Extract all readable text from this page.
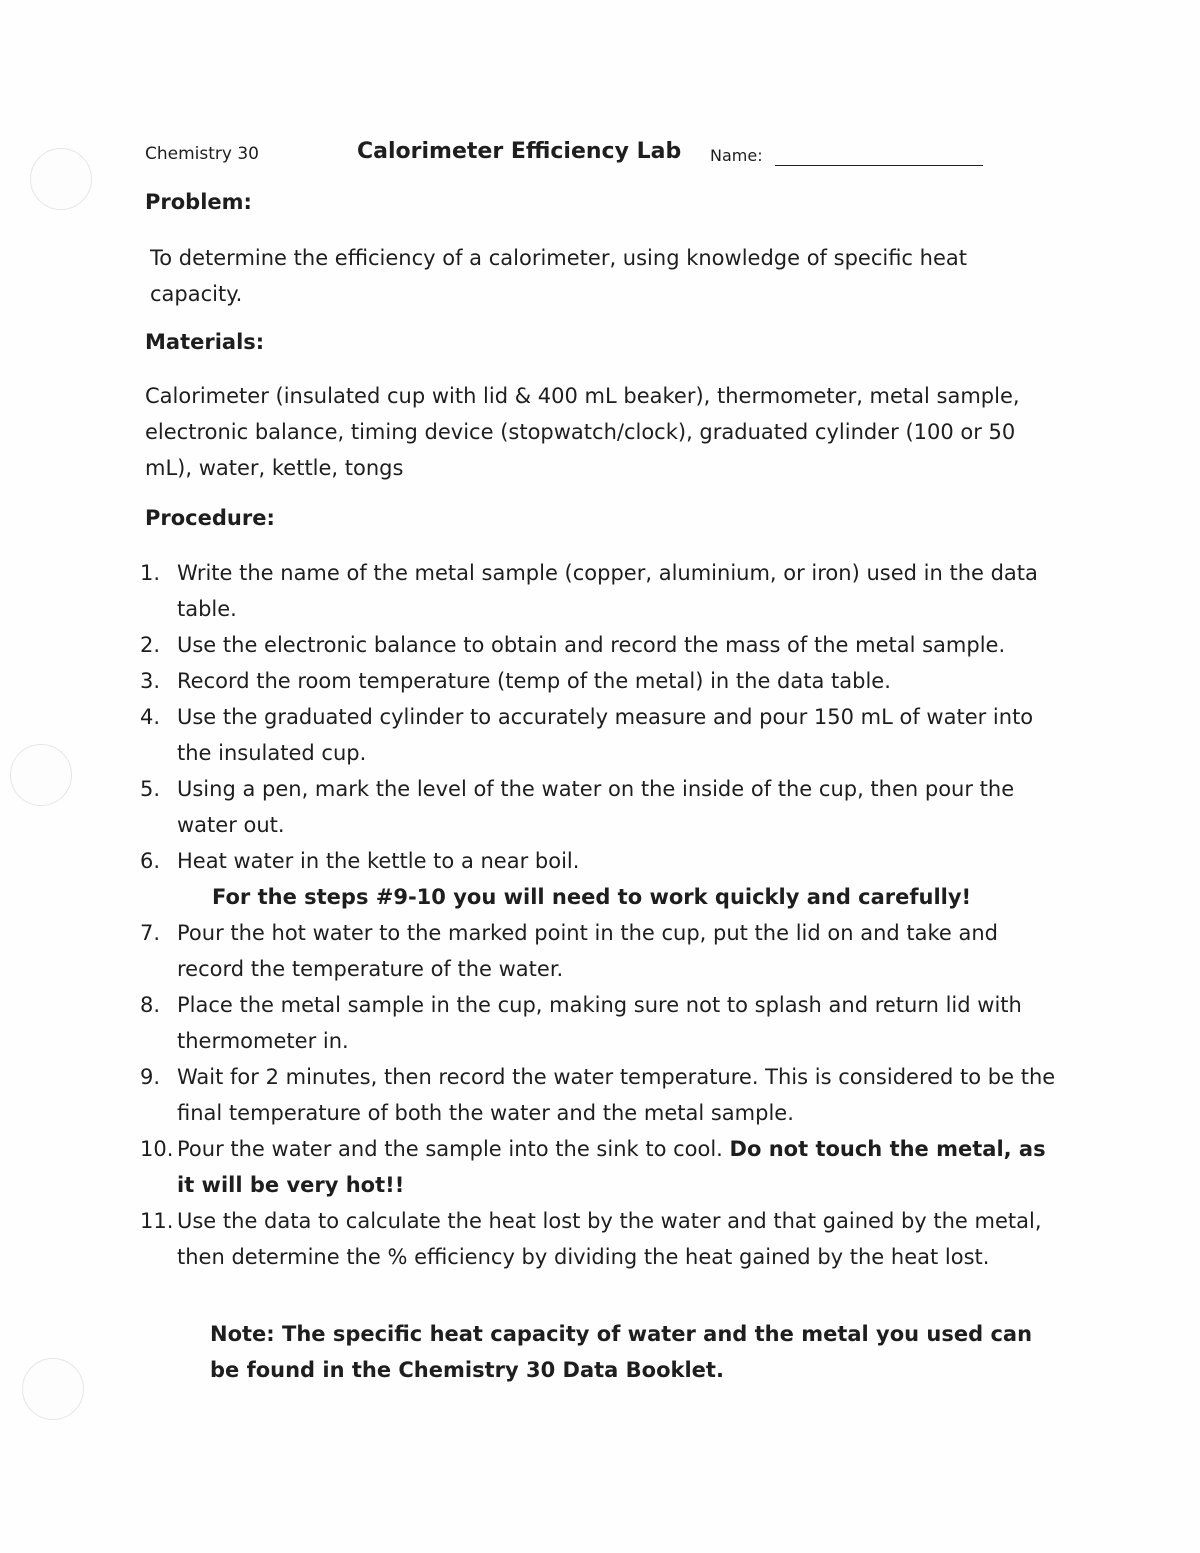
Chemistry 30	Calorimeter Efficiency Lab Name:
Problem:
To determine the efficiency of a calorimeter, using knowledge of specific heat capacity.
Materials:
Calorimeter (insulated cup with lid & 400 mL beaker), thermometer, metal sample, electronic balance, timing device (stopwatch/clock), graduated cylinder (100 or 50 mL), water, kettle, tongs
Procedure:
1. Write the name of the metal sample (copper, aluminium, or iron) used in the data table.
2. Use the electronic balance to obtain and record the mass of the metal sample.
3. Record the room temperature (temp of the metal) in the data table.
4. Use the graduated cylinder to accurately measure and pour 150 mL of water into the insulated cup.
5. Using a pen, mark the level of the water on the inside of the cup, then pour the water out.
6. Heat water in the kettle to a near boil.
For the steps #9-10 you will need to work quickly and carefully!
7. Pour the hot water to the marked point in the cup, put the lid on and take and record the temperature of the water.
8. Place the metal sample in the cup, making sure not to splash and return lid with thermometer in.
9. Wait for 2 minutes, then record the water temperature. This is considered to be the final temperature of both the water and the metal sample.
10. Pour the water and the sample into the sink to cool. Do not touch the metal, as it will be very hot!!
11. Use the data to calculate the heat lost by the water and that gained by the metal, then determine the % efficiency by dividing the heat gained by the heat lost.
Note: The specific heat capacity of water and the metal you used can be found in the Chemistry 30 Data Booklet.
